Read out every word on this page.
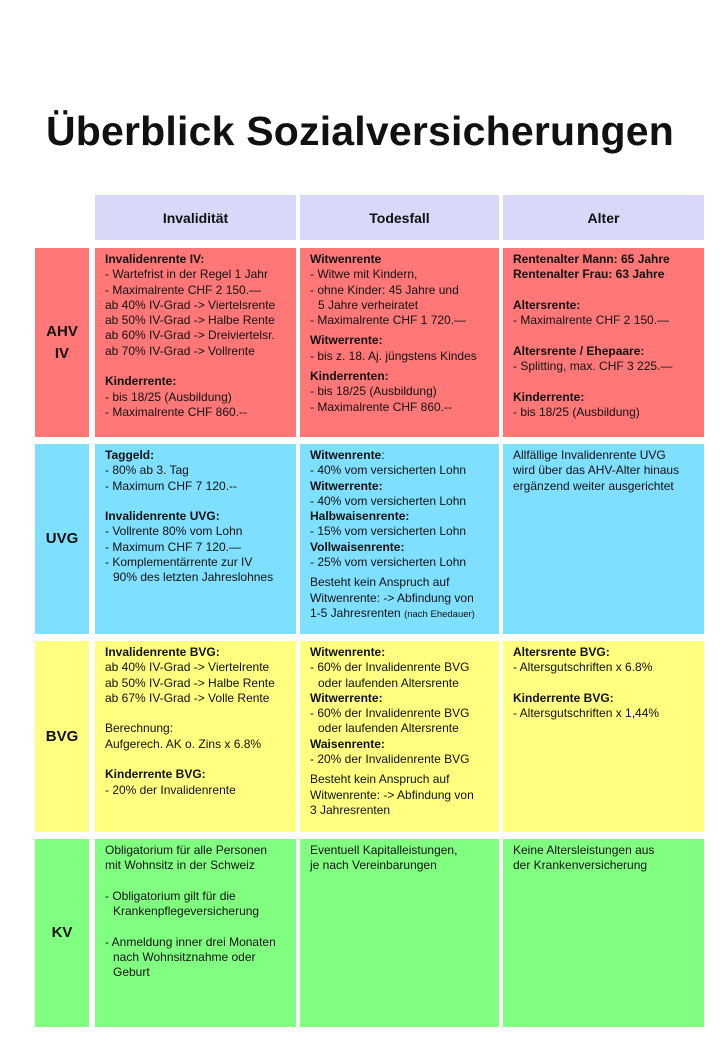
Überblick Sozialversicherungen
Invalidität	Todesfall	Alter
AHV
IV

Invalidenrente IV:

- Wartefrist in der Regel 1 Jahr

- Maximalrente CHF 2 150.—

ab 40% IV-Grad -> Viertelsrente

ab 50% IV-Grad -> Halbe Rente

ab 60% IV-Grad -> Dreiviertelsr.

ab 70% IV-Grad -> Vollrente

Kinderrente:

- bis 18/25 (Ausbildung)

- Maximalrente CHF 860.--

Witwenrente

- Witwe mit Kindern,

- ohne Kinder: 45 Jahre und

5 Jahre verheiratet

- Maximalrente CHF 1 720.—

Witwerrente:

- bis z. 18. Aj. jüngstens Kindes

Kinderrenten:

- bis 18/25 (Ausbildung)

- Maximalrente CHF 860.--

Rentenalter Mann: 65 Jahre

Rentenalter Frau: 63 Jahre

Altersrente:

- Maximalrente CHF 2 150.—

Altersrente / Ehepaare:

- Splitting, max. CHF 3 225.—

Kinderrente:

- bis 18/25 (Ausbildung)

UVG

Taggeld:

- 80% ab 3. Tag

- Maximum CHF 7 120.--

Invalidenrente UVG:

- Vollrente 80% vom Lohn

- Maximum CHF 7 120.—

- Komplementärrente zur IV

90% des letzten Jahreslohnes

Witwenrente:

- 40% vom versicherten Lohn

Witwerrente:

- 40% vom versicherten Lohn

Halbwaisenrente:

- 15% vom versicherten Lohn

Vollwaisenrente:

- 25% vom versicherten Lohn

Besteht kein Anspruch auf

Witwenrente: -> Abfindung von

1-5 Jahresrenten (nach Ehedauer)

Allfällige Invalidenrente UVG

wird über das AHV-Alter hinaus

ergänzend weiter ausgerichtet

BVG

Invalidenrente BVG:

ab 40% IV-Grad -> Viertelrente

ab 50% IV-Grad -> Halbe Rente

ab 67% IV-Grad -> Volle Rente

Berechnung:

Aufgerech. AK o. Zins x 6.8%

Kinderrente BVG:

- 20% der Invalidenrente

Witwenrente:

- 60% der Invalidenrente BVG

oder laufenden Altersrente

Witwerrente:

- 60% der Invalidenrente BVG

oder laufenden Altersrente

Waisenrente:

- 20% der Invalidenrente BVG

Besteht kein Anspruch auf

Witwenrente: -> Abfindung von

3 Jahresrenten

Altersrente BVG:

- Altersgutschriften x 6.8%

Kinderrente BVG:

- Altersgutschriften x 1,44%

KV

Obligatorium für alle Personen

mit Wohnsitz in der Schweiz

- Obligatorium gilt für die

Krankenpflegeversicherung

- Anmeldung inner drei Monaten

nach Wohnsitznahme oder

Geburt

Eventuell Kapitalleistungen,

je nach Vereinbarungen

Keine Altersleistungen aus

der Krankenversicherung
